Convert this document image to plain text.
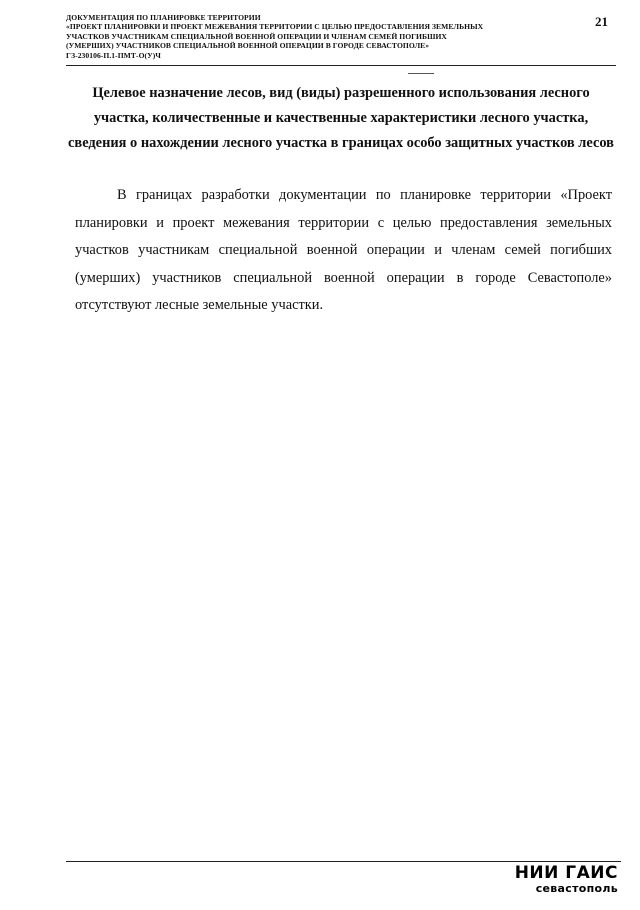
ДОКУМЕНТАЦИЯ ПО ПЛАНИРОВКЕ ТЕРРИТОРИИ
«ПРОЕКТ ПЛАНИРОВКИ И ПРОЕКТ МЕЖЕВАНИЯ ТЕРРИТОРИИ С ЦЕЛЬЮ ПРЕДОСТАВЛЕНИЯ ЗЕМЕЛЬНЫХ
УЧАСТКОВ УЧАСТНИКАМ СПЕЦИАЛЬНОЙ ВОЕННОЙ ОПЕРАЦИИ И ЧЛЕНАМ СЕМЕЙ ПОГИБШИХ
(УМЕРШИХ) УЧАСТНИКОВ СПЕЦИАЛЬНОЙ ВОЕННОЙ ОПЕРАЦИИ В ГОРОДЕ СЕВАСТОПОЛЕ»
ГЗ-230106-П.1-ПМТ-О(У)Ч
21
Целевое назначение лесов, вид (виды) разрешенного использования лесного участка, количественные и качественные характеристики лесного участка, сведения о нахождении лесного участка в границах особо защитных участков лесов
В границах разработки документации по планировке территории «Проект планировки и проект межевания территории с целью предоставления земельных участков участникам специальной военной операции и членам семей погибших (умерших) участников специальной военной операции в городе Севастополе» отсутствуют лесные земельные участки.
НИИ ГАИС
севастополь
